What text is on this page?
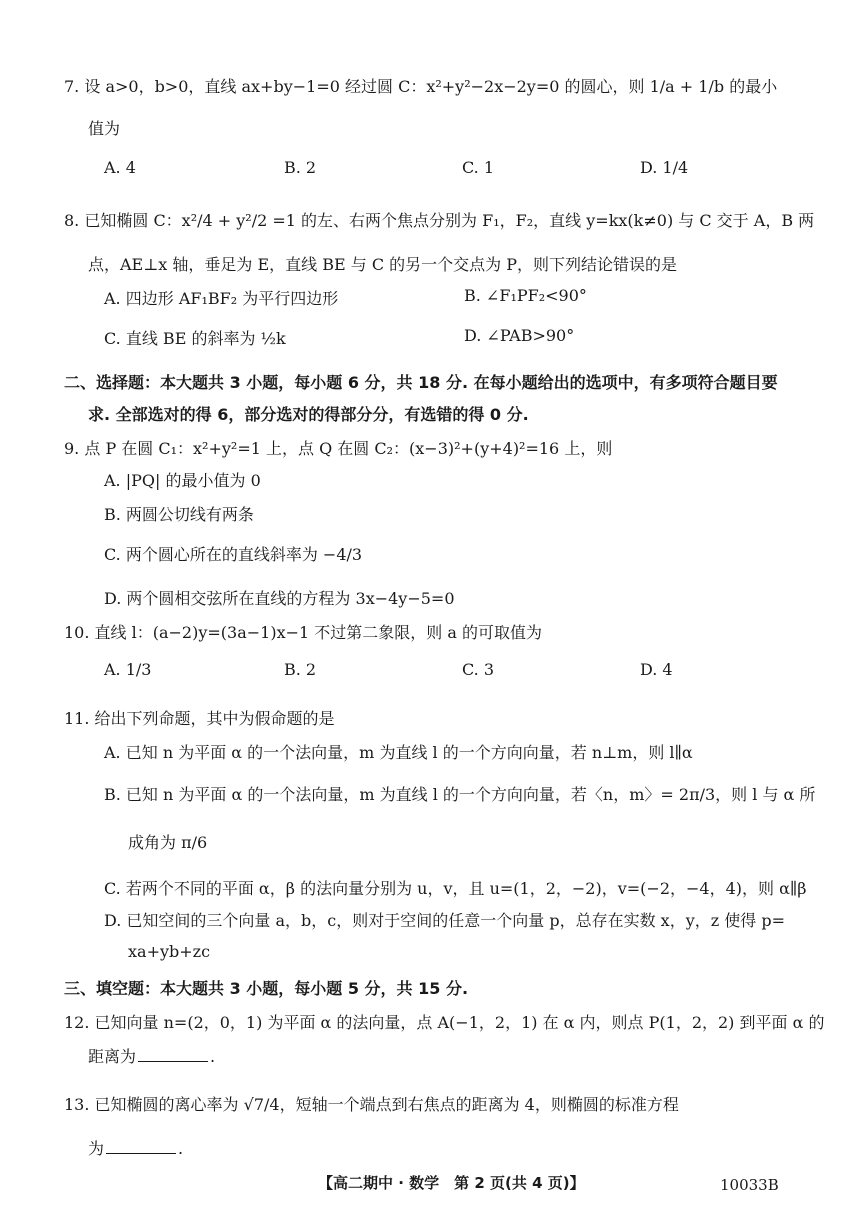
7. 设 a>0，b>0，直线 ax+by−1=0 经过圆 C：x²+y²−2x−2y=0 的圆心，则 1/a + 1/b 的最小
值为
A. 4	B. 2	C. 1	D. 1/4
8. 已知椭圆 C：x²/4 + y²/2 =1 的左、右两个焦点分别为 F₁，F₂，直线 y=kx(k≠0) 与 C 交于 A，B 两
点，AE⊥x 轴，垂足为 E，直线 BE 与 C 的另一个交点为 P，则下列结论错误的是
A. 四边形 AF₁BF₂ 为平行四边形	B. ∠F₁PF₂<90°
C. 直线 BE 的斜率为 ½k	D. ∠PAB>90°
二、选择题：本大题共 3 小题，每小题 6 分，共 18 分. 在每小题给出的选项中，有多项符合题目要
求. 全部选对的得 6，部分选对的得部分分，有选错的得 0 分.
9. 点 P 在圆 C₁：x²+y²=1 上，点 Q 在圆 C₂：(x−3)²+(y+4)²=16 上，则
A. |PQ| 的最小值为 0
B. 两圆公切线有两条
C. 两个圆心所在的直线斜率为 −4/3
D. 两个圆相交弦所在直线的方程为 3x−4y−5=0
10. 直线 l：(a−2)y=(3a−1)x−1 不过第二象限，则 a 的可取值为
A. 1/3	B. 2	C. 3	D. 4
11. 给出下列命题，其中为假命题的是
A. 已知 n 为平面 α 的一个法向量，m 为直线 l 的一个方向向量，若 n⊥m，则 l∥α
B. 已知 n 为平面 α 的一个法向量，m 为直线 l 的一个方向向量，若〈n，m〉= 2π/3，则 l 与 α 所
成角为 π/6
C. 若两个不同的平面 α，β 的法向量分别为 u，v，且 u=(1，2，−2)，v=(−2，−4，4)，则 α∥β
D. 已知空间的三个向量 a，b，c，则对于空间的任意一个向量 p，总存在实数 x，y，z 使得 p=
xa+yb+zc
三、填空题：本大题共 3 小题，每小题 5 分，共 15 分.
12. 已知向量 n=(2，0，1) 为平面 α 的法向量，点 A(−1，2，1) 在 α 内，则点 P(1，2，2) 到平面 α 的
距离为	.
13. 已知椭圆的离心率为 √7/4，短轴一个端点到右焦点的距离为 4，则椭圆的标准方程
为	.
【高二期中 · 数学　第 2 页(共 4 页)】	10033B
